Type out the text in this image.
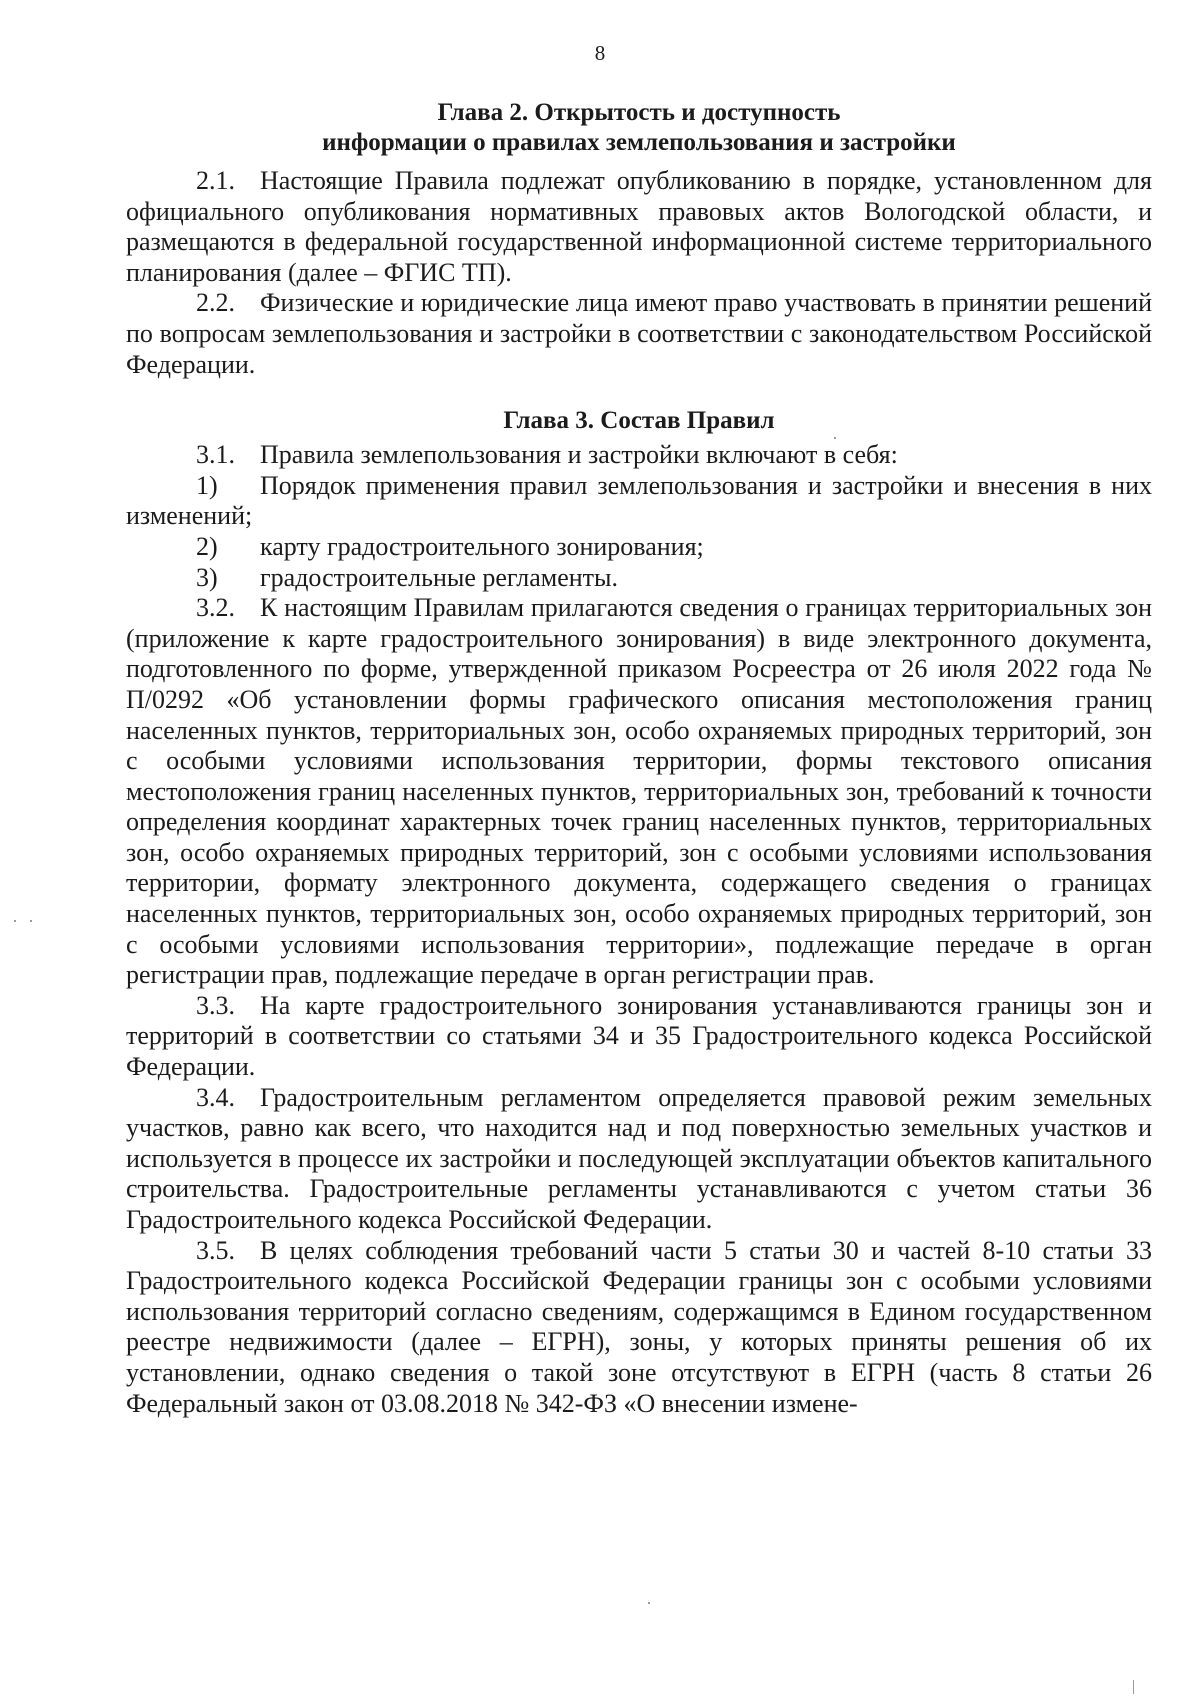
8
Глава 2. Открытость и доступность
информации о правилах землепользования и застройки

2.1. Настоящие Правила подлежат опубликованию в порядке, установленном для официального опубликования нормативных правовых актов Вологодской области, и размещаются в федеральной государственной информационной системе территориального планирования (далее – ФГИС ТП).

2.2. Физические и юридические лица имеют право участвовать в принятии решений по вопросам землепользования и застройки в соответствии с законодательством Российской Федерации.

Глава 3. Состав Правил

3.1. Правила землепользования и застройки включают в себя:

1) Порядок применения правил землепользования и застройки и внесения в них изменений;

2) карту градостроительного зонирования;

3) градостроительные регламенты.

3.2. К настоящим Правилам прилагаются сведения о границах территориальных зон (приложение к карте градостроительного зонирования) в виде электронного документа, подготовленного по форме, утвержденной приказом Росреестра от 26 июля 2022 года № П/0292 «Об установлении формы графического описания местоположения границ населенных пунктов, территориальных зон, особо охраняемых природных территорий, зон с особыми условиями использования территории, формы текстового описания местоположения границ населенных пунктов, территориальных зон, требований к точности определения координат характерных точек границ населенных пунктов, территориальных зон, особо охраняемых природных территорий, зон с особыми условиями использования территории, формату электронного документа, содержащего сведения о границах населенных пунктов, территориальных зон, особо охраняемых природных территорий, зон с особыми условиями использования территории», подлежащие передаче в орган регистрации прав, подлежащие передаче в орган регистрации прав.

3.3. На карте градостроительного зонирования устанавливаются границы зон и территорий в соответствии со статьями 34 и 35 Градостроительного кодекса Российской Федерации.

3.4. Градостроительным регламентом определяется правовой режим земельных участков, равно как всего, что находится над и под поверхностью земельных участков и используется в процессе их застройки и последующей эксплуатации объектов капитального строительства. Градостроительные регламенты устанавливаются с учетом статьи 36 Градостроительного кодекса Российской Федерации.

3.5. В целях соблюдения требований части 5 статьи 30 и частей 8-10 статьи 33 Градостроительного кодекса Российской Федерации границы зон с особыми условиями использования территорий согласно сведениям, содержащимся в Едином государственном реестре недвижимости (далее – ЕГРН), зоны, у которых приняты решения об их установлении, однако сведения о такой зоне отсутствуют в ЕГРН (часть 8 статьи 26 Федеральный закон от 03.08.2018 № 342-ФЗ «О внесении измене-
